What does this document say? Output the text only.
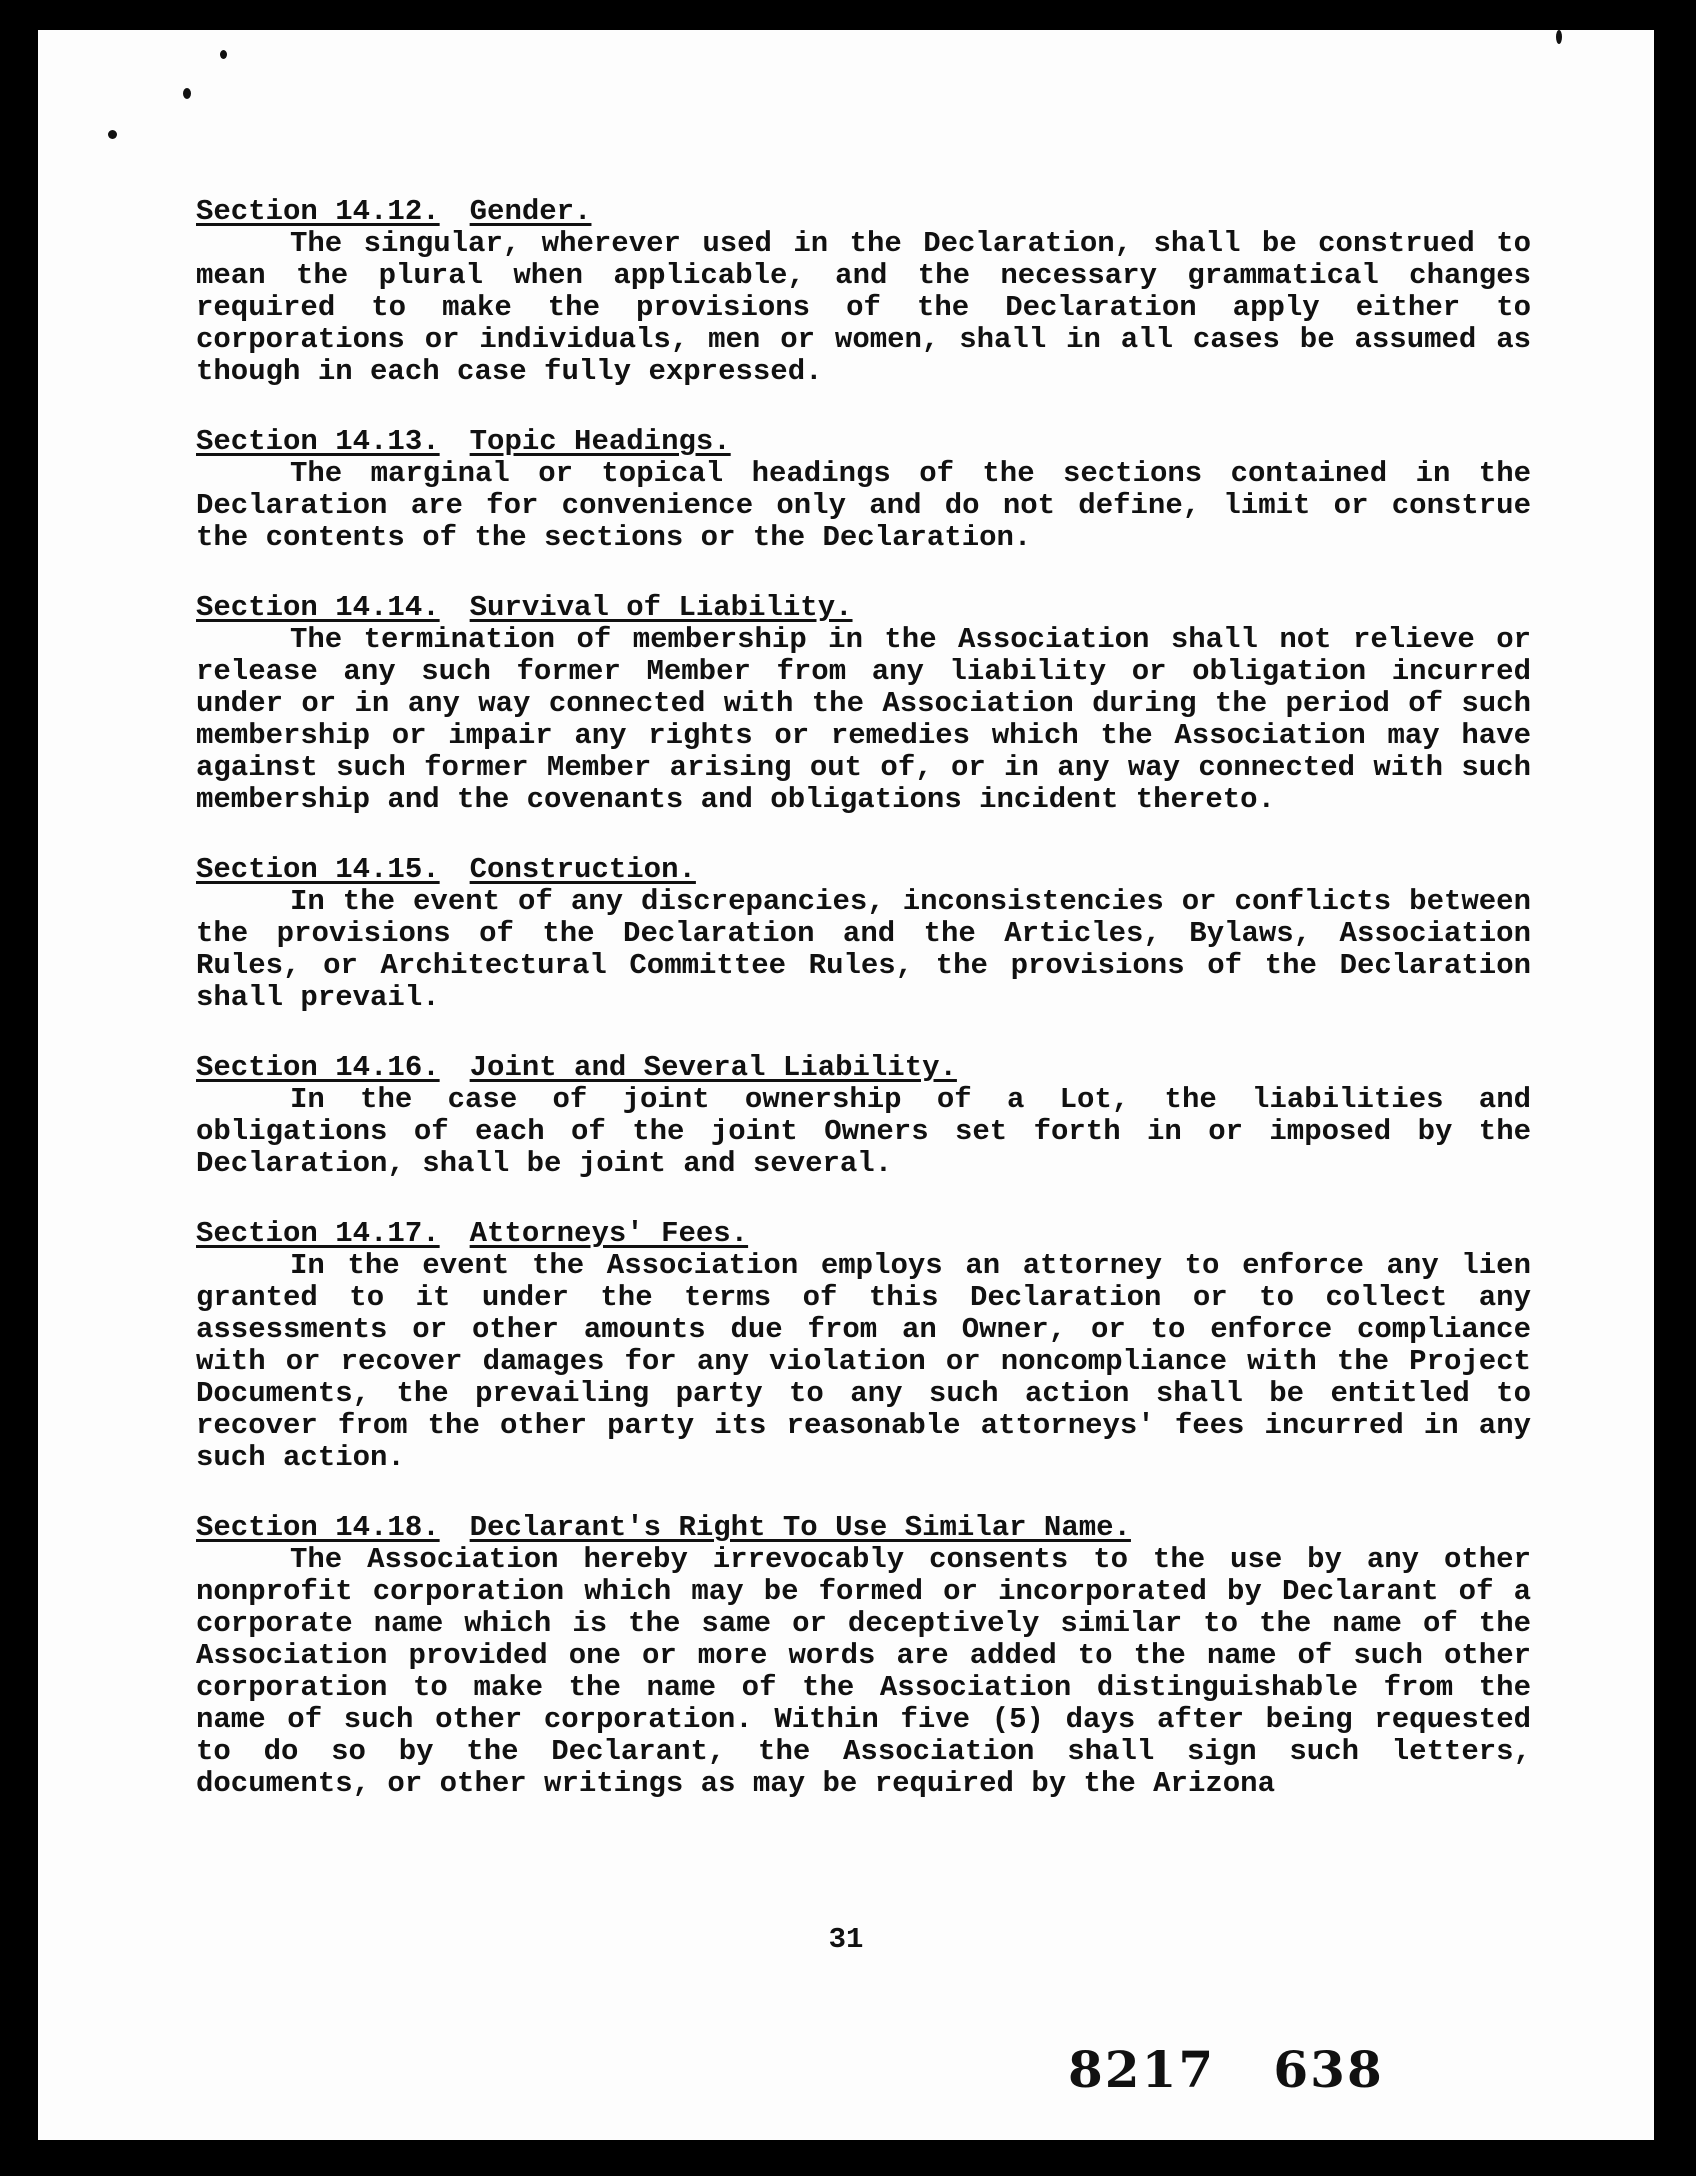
Section 14.12. Gender.

The singular, wherever used in the Declaration, shall be construed to mean the plural when applicable, and the necessary grammatical changes required to make the provisions of the Declaration apply either to corporations or individuals, men or women, shall in all cases be assumed as though in each case fully expressed.

Section 14.13. Topic Headings.

The marginal or topical headings of the sections contained in the Declaration are for convenience only and do not define, limit or construe the contents of the sections or the Declaration.

Section 14.14. Survival of Liability.

The termination of membership in the Association shall not relieve or release any such former Member from any liability or obligation incurred under or in any way connected with the Association during the period of such membership or impair any rights or remedies which the Association may have against such former Member arising out of, or in any way connected with such membership and the covenants and obligations incident thereto.

Section 14.15. Construction.

In the event of any discrepancies, inconsistencies or conflicts between the provisions of the Declaration and the Articles, Bylaws, Association Rules, or Architectural Committee Rules, the provisions of the Declaration shall prevail.

Section 14.16. Joint and Several Liability.

In the case of joint ownership of a Lot, the liabilities and obligations of each of the joint Owners set forth in or imposed by the Declaration, shall be joint and several.

Section 14.17. Attorneys' Fees.

In the event the Association employs an attorney to enforce any lien granted to it under the terms of this Declaration or to collect any assessments or other amounts due from an Owner, or to enforce compliance with or recover damages for any violation or noncompliance with the Project Documents, the prevailing party to any such action shall be entitled to recover from the other party its reasonable attorneys' fees incurred in any such action.

Section 14.18. Declarant's Right To Use Similar Name.

The Association hereby irrevocably consents to the use by any other nonprofit corporation which may be formed or incorporated by Declarant of a corporate name which is the same or deceptively similar to the name of the Association provided one or more words are added to the name of such other corporation to make the name of the Association distinguishable from the name of such other corporation. Within five (5) days after being requested to do so by the Declarant, the Association shall sign such letters, documents, or other writings as may be required by the Arizona

31
8217   638
